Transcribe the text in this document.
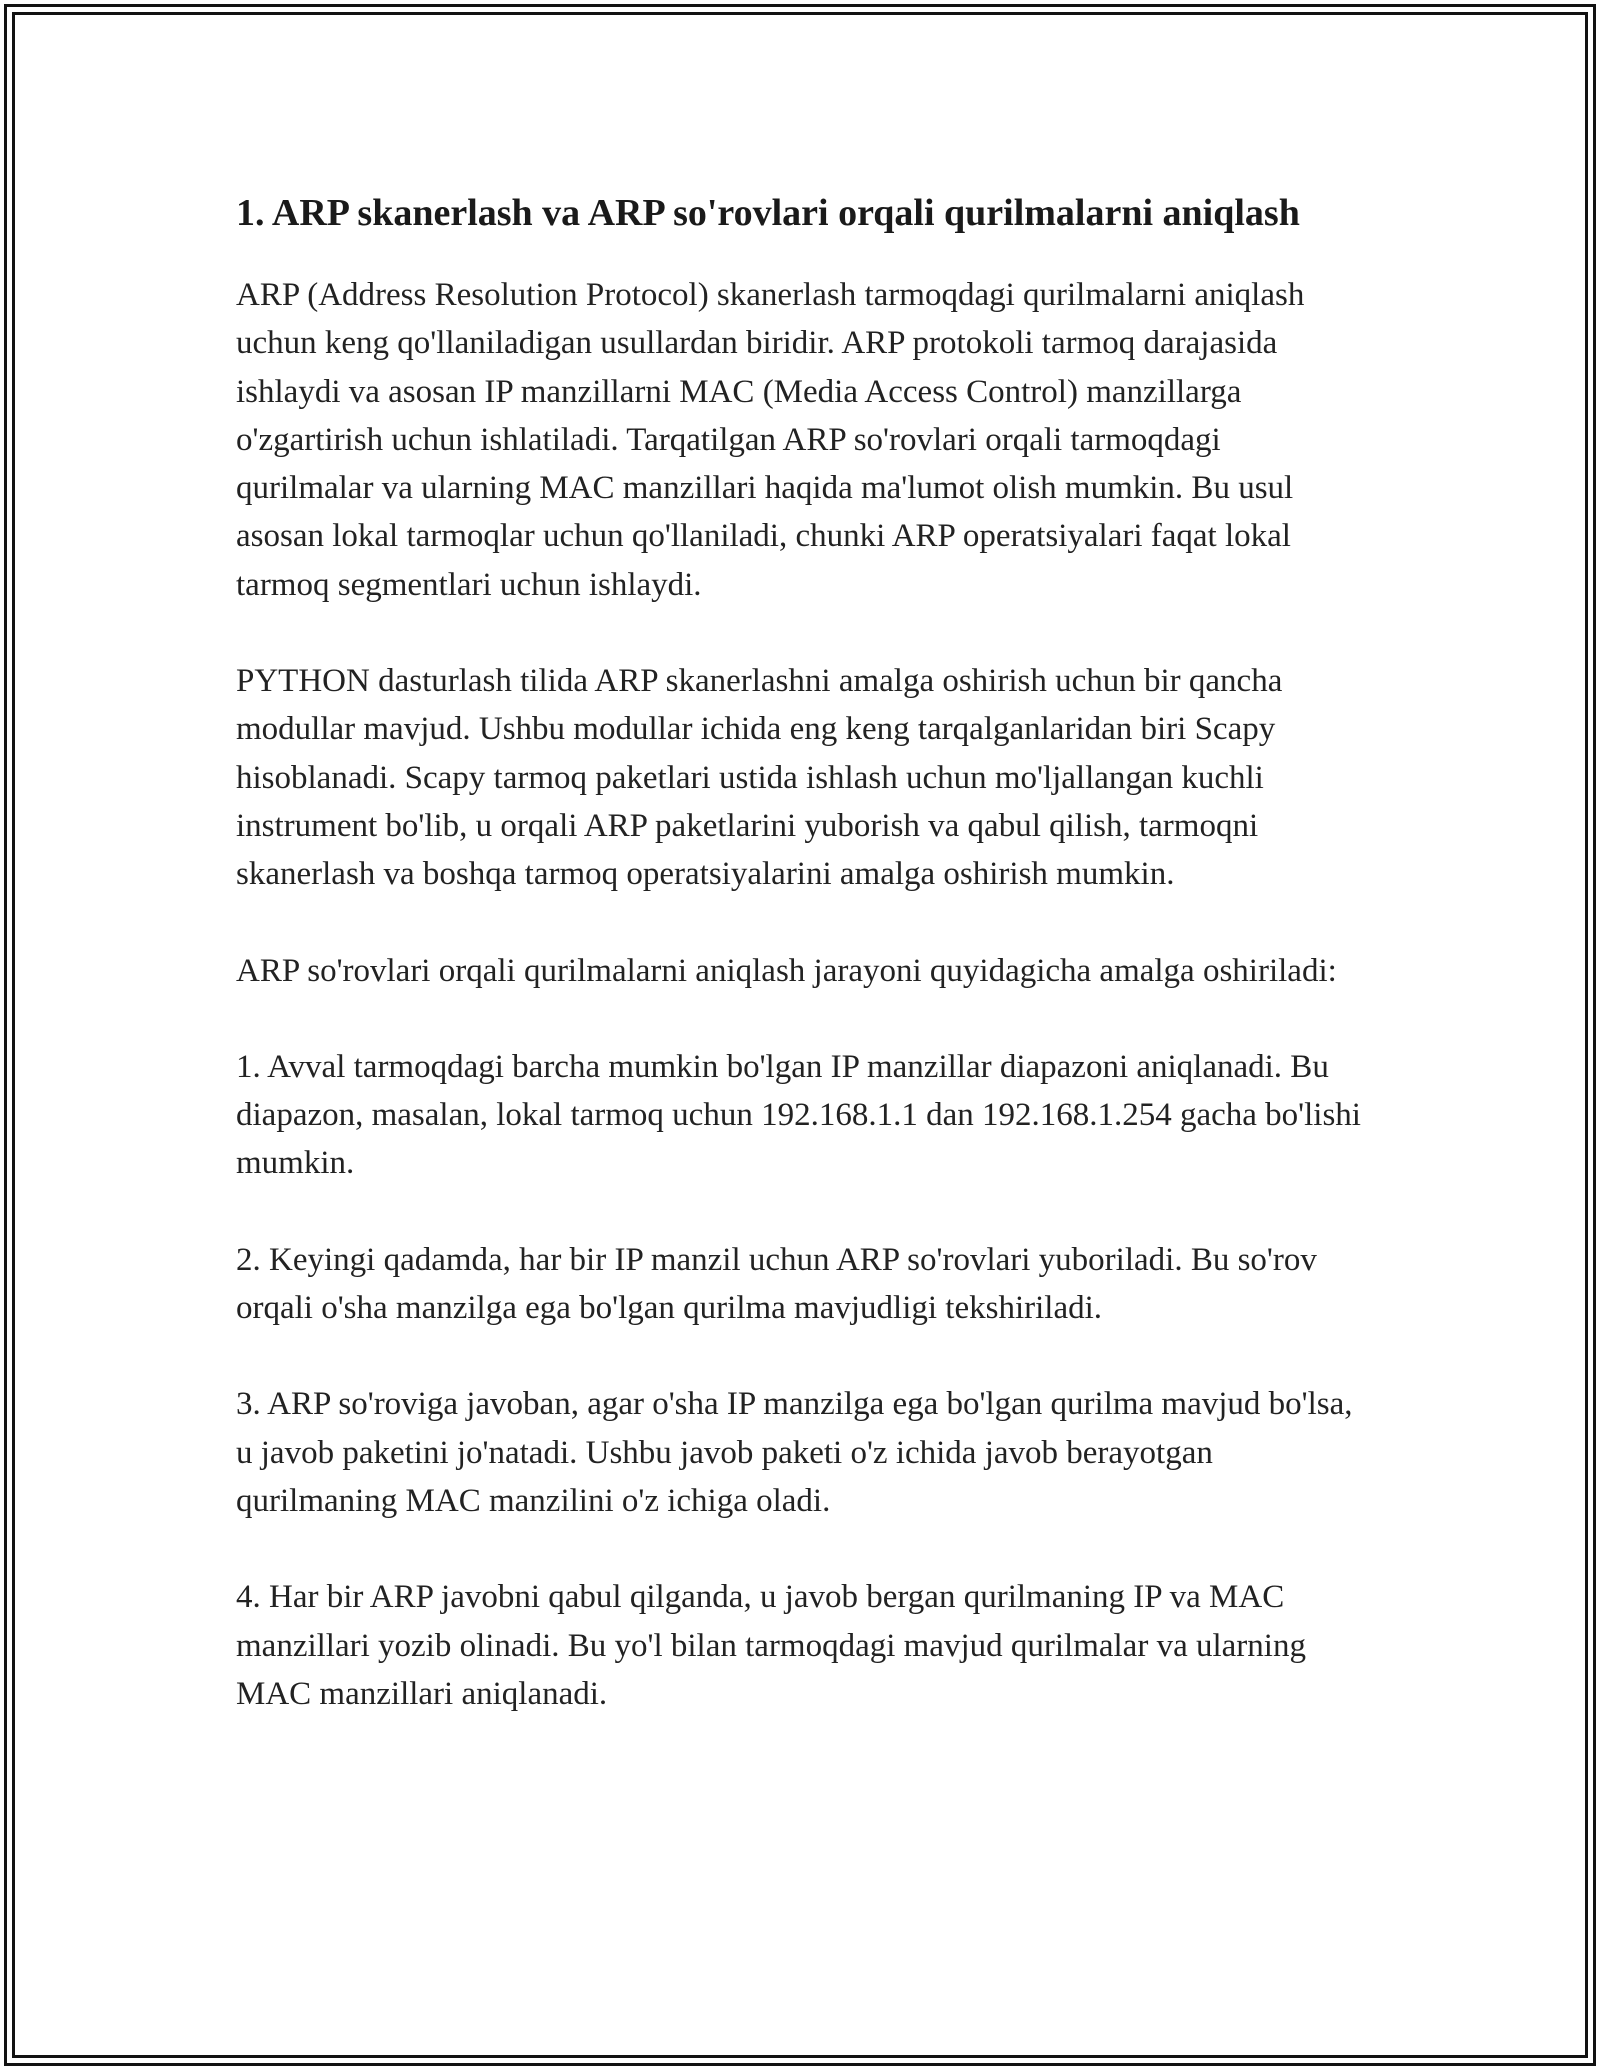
1. ARP skanerlash va ARP so'rovlari orqali qurilmalarni aniqlash

ARP (Address Resolution Protocol) skanerlash tarmoqdagi qurilmalarni aniqlash uchun keng qo'llaniladigan usullardan biridir. ARP protokoli tarmoq darajasida ishlaydi va asosan IP manzillarni MAC (Media Access Control) manzillarga o'zgartirish uchun ishlatiladi. Tarqatilgan ARP so'rovlari orqali tarmoqdagi qurilmalar va ularning MAC manzillari haqida ma'lumot olish mumkin. Bu usul asosan lokal tarmoqlar uchun qo'llaniladi, chunki ARP operatsiyalari faqat lokal tarmoq segmentlari uchun ishlaydi.

PYTHON dasturlash tilida ARP skanerlashni amalga oshirish uchun bir qancha modullar mavjud. Ushbu modullar ichida eng keng tarqalganlaridan biri Scapy hisoblanadi. Scapy tarmoq paketlari ustida ishlash uchun mo'ljallangan kuchli instrument bo'lib, u orqali ARP paketlarini yuborish va qabul qilish, tarmoqni skanerlash va boshqa tarmoq operatsiyalarini amalga oshirish mumkin.

ARP so'rovlari orqali qurilmalarni aniqlash jarayoni quyidagicha amalga oshiriladi:

1. Avval tarmoqdagi barcha mumkin bo'lgan IP manzillar diapazoni aniqlanadi. Bu diapazon, masalan, lokal tarmoq uchun 192.168.1.1 dan 192.168.1.254 gacha bo'lishi mumkin.

2. Keyingi qadamda, har bir IP manzil uchun ARP so'rovlari yuboriladi. Bu so'rov orqali o'sha manzilga ega bo'lgan qurilma mavjudligi tekshiriladi.

3. ARP so'roviga javoban, agar o'sha IP manzilga ega bo'lgan qurilma mavjud bo'lsa, u javob paketini jo'natadi. Ushbu javob paketi o'z ichida javob berayotgan qurilmaning MAC manzilini o'z ichiga oladi.

4. Har bir ARP javobni qabul qilganda, u javob bergan qurilmaning IP va MAC manzillari yozib olinadi. Bu yo'l bilan tarmoqdagi mavjud qurilmalar va ularning MAC manzillari aniqlanadi.
